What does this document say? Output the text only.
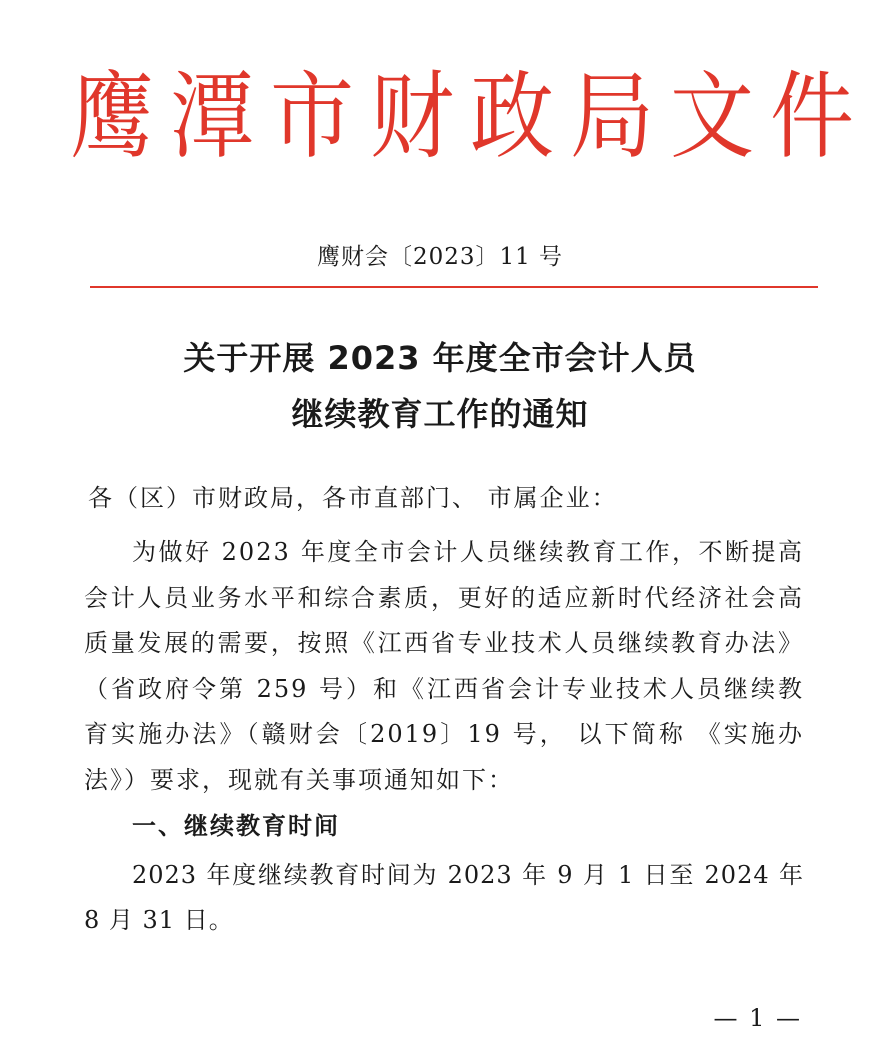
鹰潭市财政局文件
鹰财会〔2023〕11 号
关于开展 2023 年度全市会计人员
继续教育工作的通知
各（区）市财政局，各市直部门、 市属企业：

为做好 2023 年度全市会计人员继续教育工作，不断提高会计人员业务水平和综合素质，更好的适应新时代经济社会高质量发展的需要，按照《江西省专业技术人员继续教育办法》（省政府令第 259 号）和《江西省会计专业技术人员继续教育实施办法》（赣财会〔2019〕19 号， 以下简称 《实施办法》）要求，现就有关事项通知如下：

一、继续教育时间

2023 年度继续教育时间为 2023 年 9 月 1 日至 2024 年 8 月 31 日。

— 1 —
